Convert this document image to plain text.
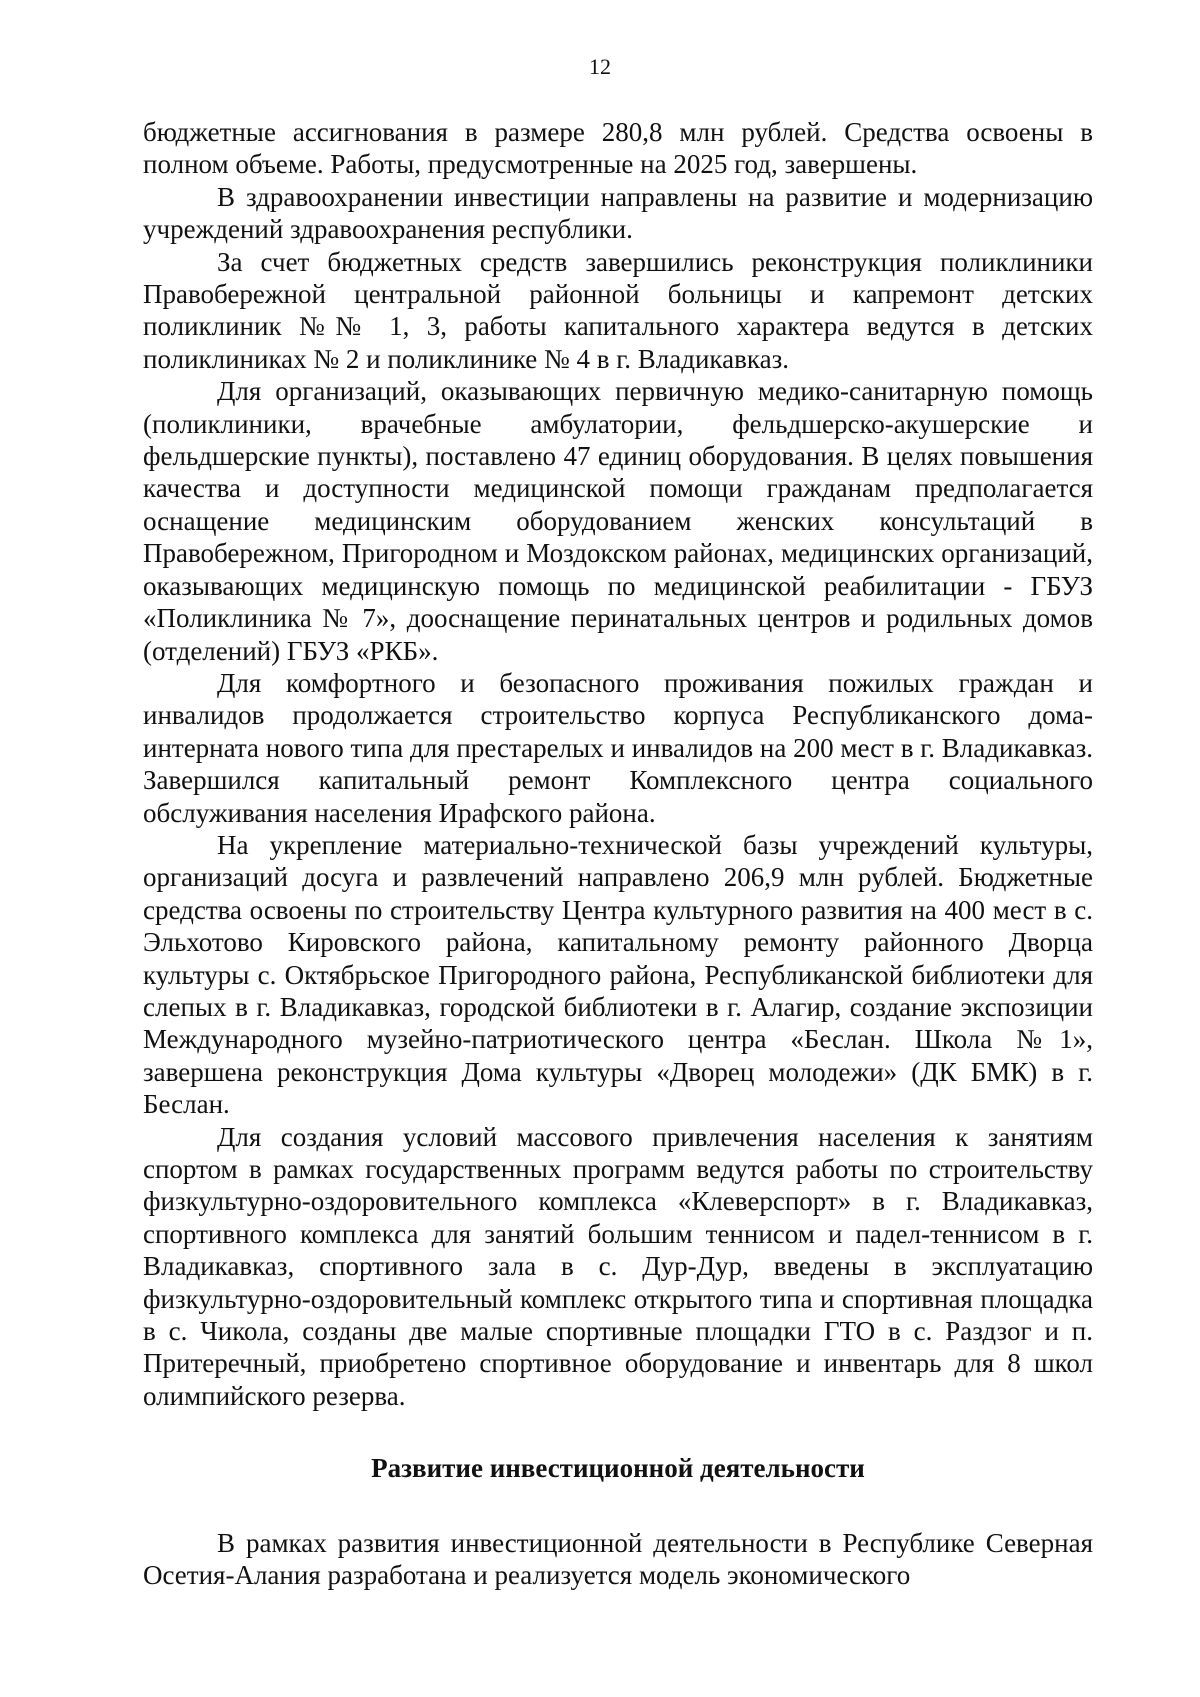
12

бюджетные ассигнования в размере 280,8 млн рублей. Средства освоены в полном объеме. Работы, предусмотренные на 2025 год, завершены.

В здравоохранении инвестиции направлены на развитие и модернизацию учреждений здравоохранения республики.

За счет бюджетных средств завершились реконструкция поликлиники Правобережной центральной районной больницы и капремонт детских поликлиник №№ 1, 3, работы капитального характера ведутся в детских поликлиниках № 2 и поликлинике № 4 в г. Владикавказ.

Для организаций, оказывающих первичную медико-санитарную помощь (поликлиники, врачебные амбулатории, фельдшерско-акушерские и фельдшерские пункты), поставлено 47 единиц оборудования. В целях повышения качества и доступности медицинской помощи гражданам предполагается оснащение медицинским оборудованием женских консультаций в Правобережном, Пригородном и Моздокском районах, медицинских организаций, оказывающих медицинскую помощь по медицинской реабилитации - ГБУЗ «Поликлиника № 7», дооснащение перинатальных центров и родильных домов (отделений) ГБУЗ «РКБ».

Для комфортного и безопасного проживания пожилых граждан и инвалидов продолжается строительство корпуса Республиканского дома-интерната нового типа для престарелых и инвалидов на 200 мест в г. Владикавказ. Завершился капитальный ремонт Комплексного центра социального обслуживания населения Ирафского района.

На укрепление материально-технической базы учреждений культуры, организаций досуга и развлечений направлено 206,9 млн рублей. Бюджетные средства освоены по строительству Центра культурного развития на 400 мест в с. Эльхотово Кировского района, капитальному ремонту районного Дворца культуры с. Октябрьское Пригородного района, Республиканской библиотеки для слепых в г. Владикавказ, городской библиотеки в г. Алагир, создание экспозиции Международного музейно-патриотического центра «Беслан. Школа №1», завершена реконструкция Дома культуры «Дворец молодежи» (ДК БМК) в г. Беслан.

Для создания условий массового привлечения населения к занятиям спортом в рамках государственных программ ведутся работы по строительству физкультурно-оздоровительного комплекса «Клеверспорт» в г. Владикавказ, спортивного комплекса для занятий большим теннисом и падел-теннисом в г. Владикавказ, спортивного зала в с. Дур-Дур, введены в эксплуатацию физкультурно-оздоровительный комплекс открытого типа и спортивная площадка в с. Чикола, созданы две малые спортивные площадки ГТО в с. Раздзог и п. Притеречный, приобретено спортивное оборудование и инвентарь для 8 школ олимпийского резерва.

Развитие инвестиционной деятельности

В рамках развития инвестиционной деятельности в Республике Северная Осетия-Алания разработана и реализуется модель экономического
